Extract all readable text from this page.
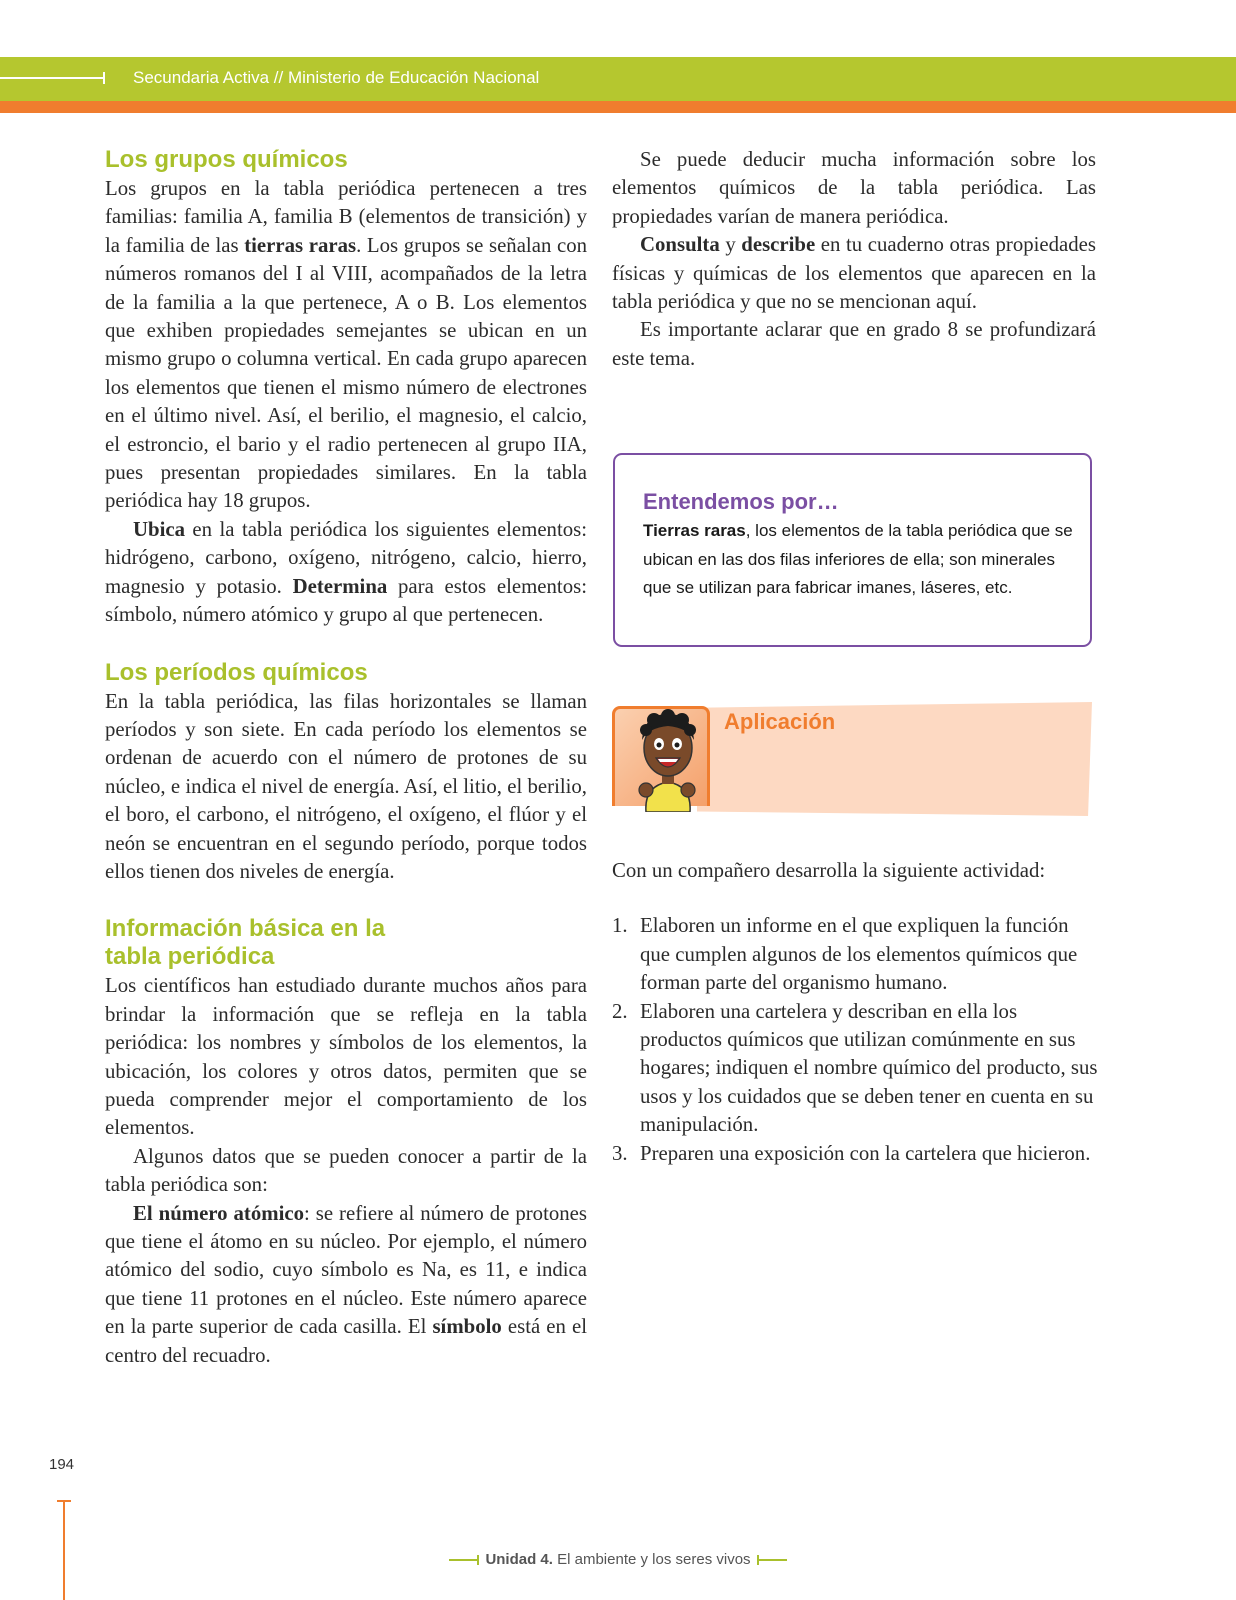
Secundaria Activa // Ministerio de Educación Nacional
Los grupos químicos

Los grupos en la tabla periódica pertenecen a tres familias: familia A, familia B (elementos de transición) y la familia de las tierras raras. Los grupos se señalan con números romanos del I al VIII, acompañados de la letra de la familia a la que pertenece, A o B. Los elementos que exhiben propiedades semejantes se ubican en un mismo grupo o columna vertical. En cada grupo aparecen los elementos que tienen el mismo número de electrones en el último nivel. Así, el berilio, el magnesio, el calcio, el estroncio, el bario y el radio pertenecen al grupo IIA, pues presentan propiedades similares. En la tabla periódica hay 18 grupos.

Ubica en la tabla periódica los siguientes elementos: hidrógeno, carbono, oxígeno, nitrógeno, calcio, hierro, magnesio y potasio. Determina para estos elementos: símbolo, número atómico y grupo al que pertenecen.

Los períodos químicos

En la tabla periódica, las filas horizontales se llaman períodos y son siete. En cada período los elementos se ordenan de acuerdo con el número de protones de su núcleo, e indica el nivel de energía. Así, el litio, el berilio, el boro, el carbono, el nitrógeno, el oxígeno, el flúor y el neón se encuentran en el segundo período, porque todos ellos tienen dos niveles de energía.

Información básica en la
tabla periódica

Los científicos han estudiado durante muchos años para brindar la información que se refleja en la tabla periódica: los nombres y símbolos de los elementos, la ubicación, los colores y otros datos, permiten que se pueda comprender mejor el comportamiento de los elementos.

Algunos datos que se pueden conocer a partir de la tabla periódica son:

El número atómico: se refiere al número de protones que tiene el átomo en su núcleo. Por ejemplo, el número atómico del sodio, cuyo símbolo es Na, es 11, e indica que tiene 11 protones en el núcleo. Este número aparece en la parte superior de cada casilla. El símbolo está en el centro del recuadro.

Se puede deducir mucha información sobre los elementos químicos de la tabla periódica. Las propiedades varían de manera periódica.

Consulta y describe en tu cuaderno otras propiedades físicas y químicas de los elementos que aparecen en la tabla periódica y que no se mencionan aquí.

Es importante aclarar que en grado 8 se profundizará este tema.

Entendemos por…
Tierras raras, los elementos de la tabla periódica que se ubican en las dos filas inferiores de ella; son minerales que se utilizan para fabricar imanes, láseres, etc.
Aplicación

Con un compañero desarrolla la siguiente actividad:

1. Elaboren un informe en el que expliquen la función que cumplen algunos de los elementos químicos que forman parte del organismo humano.
2. Elaboren una cartelera y describan en ella los productos químicos que utilizan comúnmente en sus hogares; indiquen el nombre químico del producto, sus usos y los cuidados que se deben tener en cuenta en su manipulación.
3. Preparen una exposición con la cartelera que hicieron.
194
Unidad 4. El ambiente y los seres vivos
